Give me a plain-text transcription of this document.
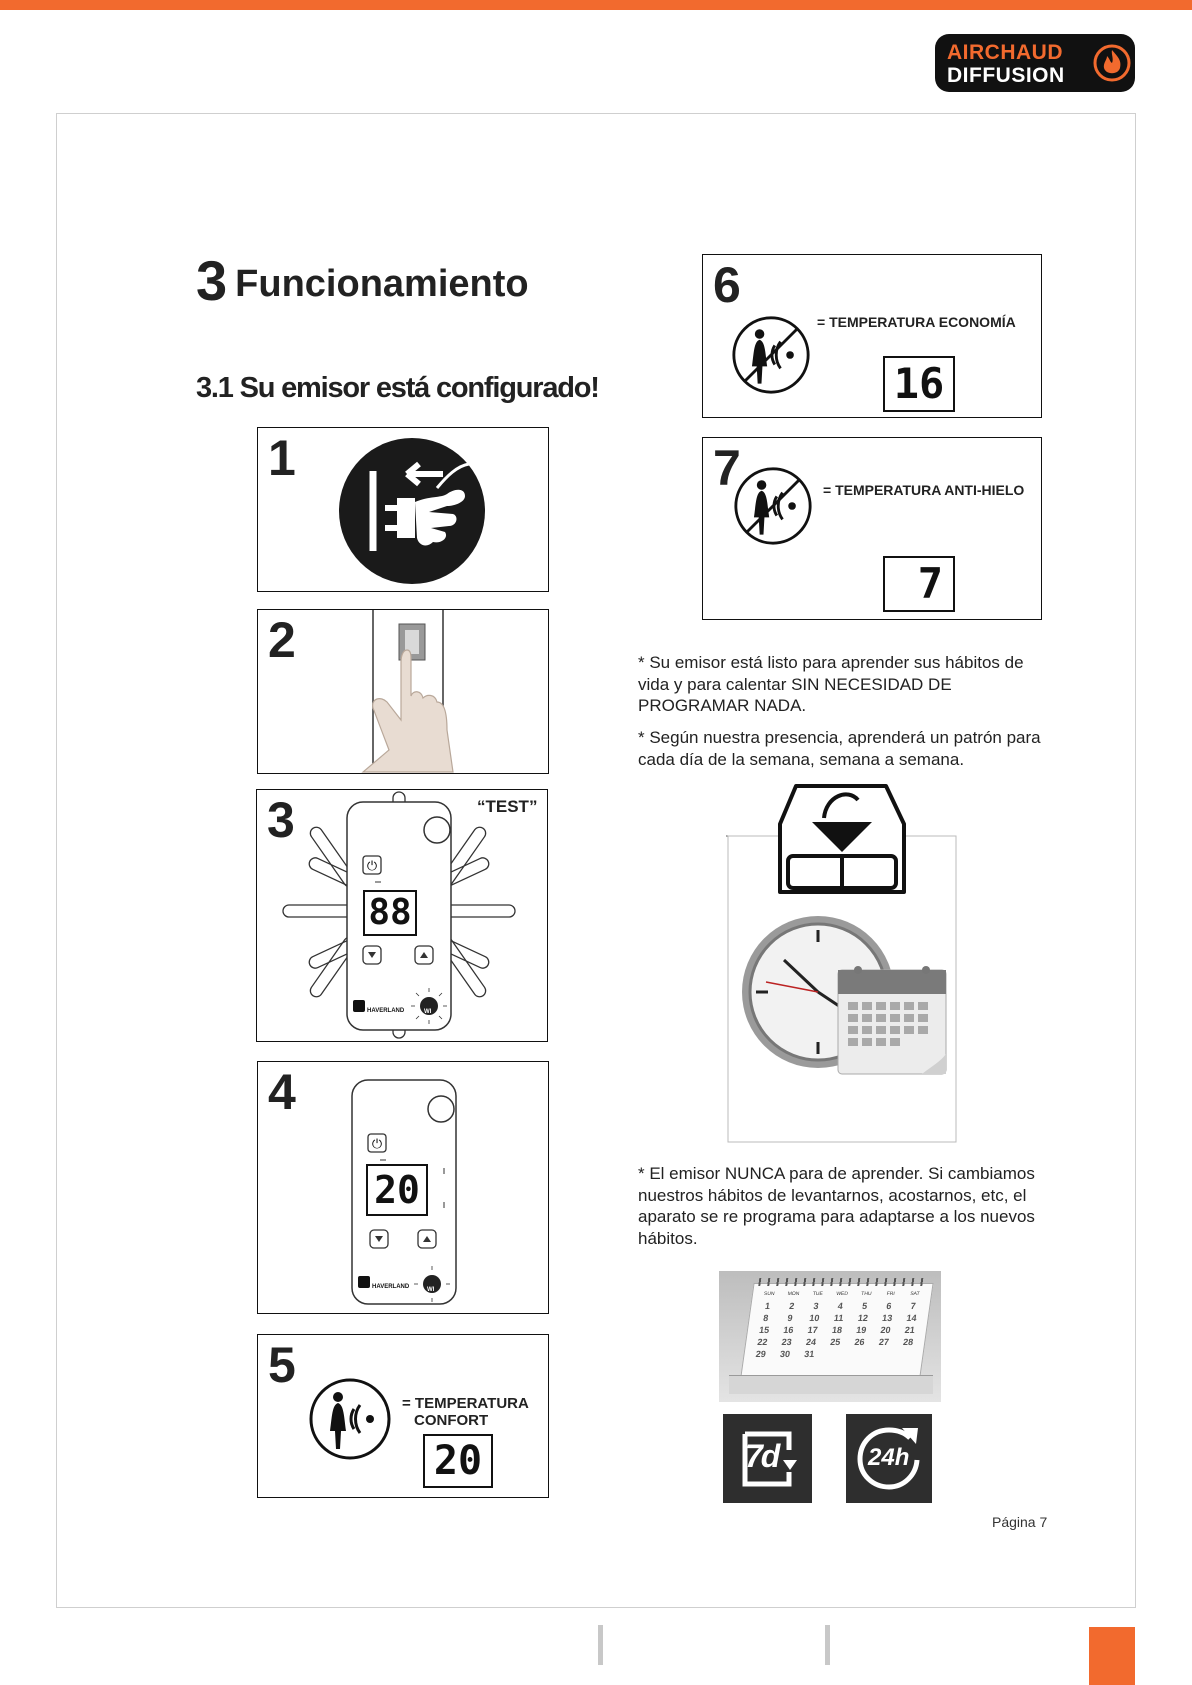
AIRCHAUD
DIFFUSION
3 Funcionamiento
3.1 Su emisor está configurado!
1
2
3	“TEST”
⏻
88
HAVERLAND	WI
4
⏻
20
HAVERLAND	WI
5
= TEMPERATURA
CONFORT
20
6
= TEMPERATURA ECONOMÍA
16
7	= TEMPERATURA ANTI-HIELO
7
* Su emisor está listo para aprender sus hábitos de vida y para calentar SIN NECESIDAD DE PROGRAMAR NADA.
* Según nuestra presencia, aprenderá un patrón para cada día de la semana, semana a semana.
* El emisor NUNCA para de aprender. Si cambiamos nuestros hábitos de levantarnos, acostarnos, etc, el aparato se re programa para adaptarse a los nuevos hábitos.
SUN	MON	TUE	WED	THU	FRI	SAT
1	2	3	4	5	6	7
8	9	10	11	12	13	14
15	16	17	18	19	20	21
22	23	24	25	26	27	28
29	30	31
7d	24h
Página 7
